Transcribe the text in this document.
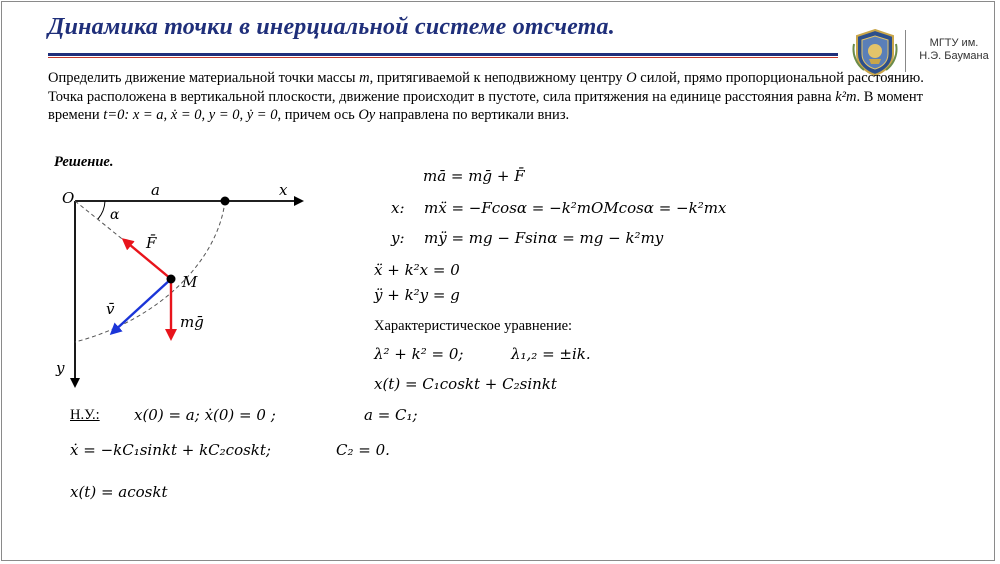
Динамика точки в инерциальной системе отсчета.
МГТУ им.
Н.Э. Баумана
Определить движение материальной точки массы m, притягиваемой к неподвижному центру O силой, прямо пропорциональной расстоянию. Точка расположена в вертикальной плоскости, движение происходит в пустоте, сила притяжения на единице расстояния равна k²m. В момент времени t=0: x = a, ẋ = 0, y = 0, ẏ = 0, причем ось Oy направлена по вертикали вниз.
Решение.
O	a	x
y
α
M
F̄
v̄
mḡ
mā = mḡ + F̄
x: mẍ = −Fcosα = −k²mOMcosα = −k²mx
y: mÿ = mg − Fsinα = mg − k²my
ẍ + k²x = 0
ÿ + k²y = g
Характеристическое уравнение:
λ² + k² = 0;	λ₁,₂ = ±ik.
x(t) = C₁coskt + C₂sinkt
Н.У.: x(0) = a; ẋ(0) = 0 ;	a = C₁;
ẋ = −kC₁sinkt + kC₂coskt;	C₂ = 0.
x(t) = acoskt
